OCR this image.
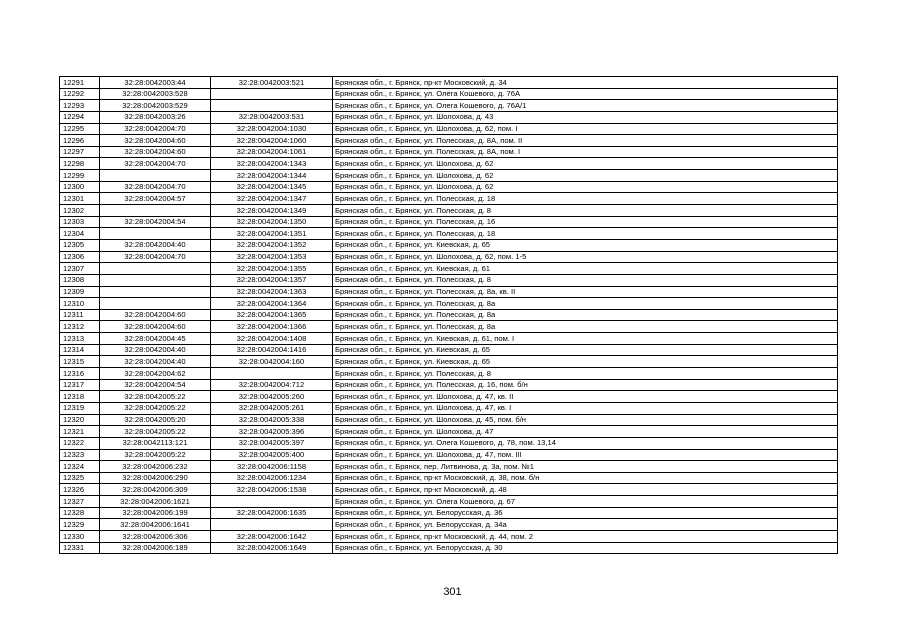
12291	32:28:0042003:44	32:28:0042003:521	Брянская обл., г. Брянск, пр-кт Московский, д. 34
12292	32:28:0042003:528		Брянская обл., г. Брянск, ул. Олега Кошевого, д. 76А
12293	32:28:0042003:529		Брянская обл., г. Брянск, ул. Олега Кошевого, д. 76А/1
12294	32:28:0042003:26	32:28:0042003:531	Брянская обл., г. Брянск, ул. Шолохова, д. 43
12295	32:28:0042004:70	32:28:0042004:1030	Брянская обл., г. Брянск, ул. Шолохова, д. 62, пом. I
12296	32:28:0042004:60	32:28:0042004:1060	Брянская обл., г. Брянск, ул. Полесская, д. 8А, пом. II
12297	32:28:0042004:60	32:28:0042004:1061	Брянская обл., г. Брянск, ул. Полесская, д. 8А, пом. I
12298	32:28:0042004:70	32:28:0042004:1343	Брянская обл., г. Брянск, ул. Шолохова, д. 62
12299		32:28:0042004:1344	Брянская обл., г. Брянск, ул. Шолохова, д. 62
12300	32:28:0042004:70	32:28:0042004:1345	Брянская обл., г. Брянск, ул. Шолохова, д. 62
12301	32:28:0042004:57	32:28:0042004:1347	Брянская обл., г. Брянск, ул. Полесская, д. 18
12302		32:28:0042004:1349	Брянская обл., г. Брянск, ул. Полесская, д. 8
12303	32:28:0042004:54	32:28:0042004:1350	Брянская обл., г. Брянск, ул. Полесская, д. 16
12304		32:28:0042004:1351	Брянская обл., г. Брянск, ул. Полесская, д. 18
12305	32:28:0042004:40	32:28:0042004:1352	Брянская обл., г. Брянск, ул. Киевская, д. 65
12306	32:28:0042004:70	32:28:0042004:1353	Брянская обл., г. Брянск, ул. Шолохова, д. 62, пом. 1-5
12307		32:28:0042004:1355	Брянская обл., г. Брянск, ул. Киевская, д. 61
12308		32:28:0042004:1357	Брянская обл., г. Брянск, ул. Полесская, д. 8
12309		32:28:0042004:1363	Брянская обл., г. Брянск, ул. Полесская, д. 8а, кв. II
12310		32:28:0042004:1364	Брянская обл., г. Брянск, ул. Полесская, д. 8а
12311	32:28:0042004:60	32:28:0042004:1365	Брянская обл., г. Брянск, ул. Полесская, д. 8а
12312	32:28:0042004:60	32:28:0042004:1366	Брянская обл., г. Брянск, ул. Полесская, д. 8а
12313	32:28:0042004:45	32:28:0042004:1408	Брянская обл., г. Брянск, ул. Киевская, д. 61, пом. I
12314	32:28:0042004:40	32:28:0042004:1416	Брянская обл., г. Брянск, ул. Киевская, д. 65
12315	32:28:0042004:40	32:28:0042004:160	Брянская обл., г. Брянск, ул. Киевская, д. 65
12316	32:28:0042004:62		Брянская обл., г. Брянск, ул. Полесская, д. 8
12317	32:28:0042004:54	32:28:0042004:712	Брянская обл., г. Брянск, ул. Полесская, д. 16, пом. б/н
12318	32:28:0042005:22	32:28:0042005:260	Брянская обл., г. Брянск, ул. Шолохова, д. 47, кв. II
12319	32:28:0042005:22	32:28:0042005:261	Брянская обл., г. Брянск, ул. Шолохова, д. 47, кв. I
12320	32:28:0042005:20	32:28:0042005:338	Брянская обл., г. Брянск, ул. Шолохова, д. 45, пом. б/н
12321	32:28:0042005:22	32:28:0042005:396	Брянская обл., г. Брянск, ул. Шолохова, д. 47
12322	32:28:0042113:121	32:28:0042005:397	Брянская обл., г. Брянск, ул. Олега Кошевого, д. 78, пом. 13,14
12323	32:28:0042005:22	32:28:0042005:400	Брянская обл., г. Брянск, ул. Шолохова, д. 47, пом. III
12324	32:28:0042006:232	32:28:0042006:1158	Брянская обл., г. Брянск, пер. Литвинова, д. 3а, пом. №1
12325	32:28:0042006:290	32:28:0042006:1234	Брянская обл., г. Брянск, пр-кт Московский, д. 38, пом. б/н
12326	32:28:0042006:309	32:28:0042006:1538	Брянская обл., г. Брянск, пр-кт Московский, д. 48
12327	32:28:0042006:1621		Брянская обл., г. Брянск, ул. Олега Кошевого, д. 67
12328	32:28:0042006:199	32:28:0042006:1635	Брянская обл., г. Брянск, ул. Белорусская, д. 36
12329	32:28:0042006:1641		Брянская обл., г. Брянск, ул. Белорусская, д. 34а
12330	32:28:0042006:306	32:28:0042006:1642	Брянская обл., г. Брянск, пр-кт Московский, д. 44, пом. 2
12331	32:28:0042006:189	32:28:0042006:1649	Брянская обл., г. Брянск, ул. Белорусская, д. 30
301
